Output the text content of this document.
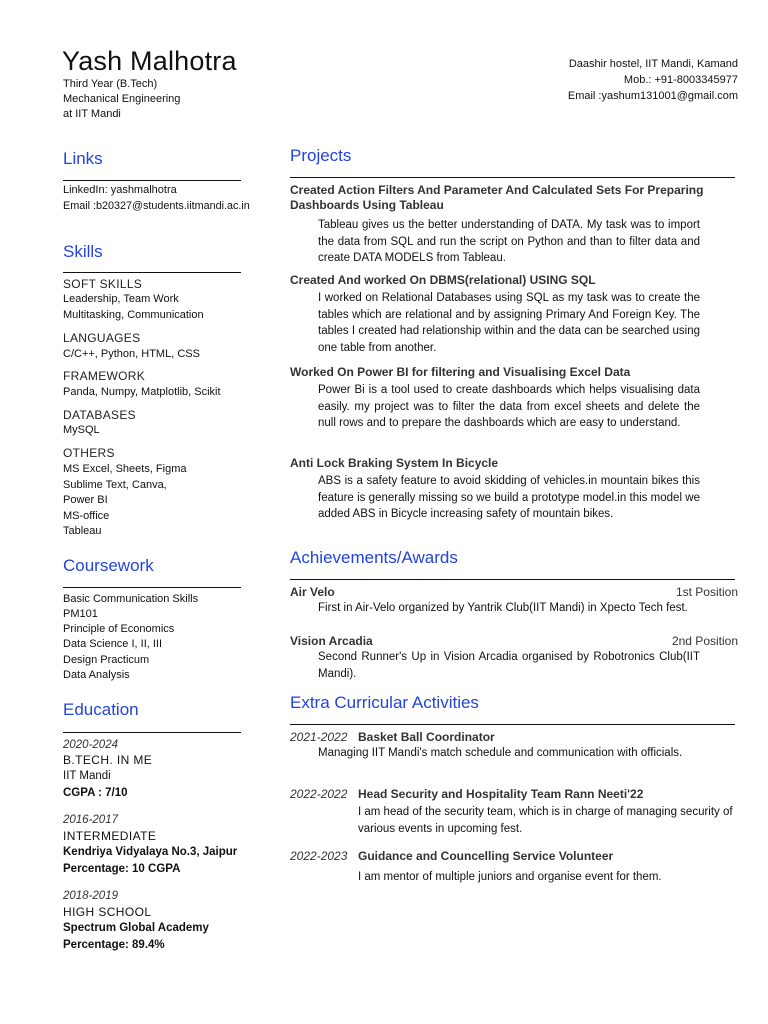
Yash Malhotra
Third Year (B.Tech)
Mechanical Engineering
at IIT Mandi
Daashir hostel, IIT Mandi, Kamand
Mob.: +91-8003345977
Email :yashum131001@gmail.com
Links
LinkedIn: yashmalhotra
Email :b20327@students.iitmandi.ac.in
Skills
SOFT SKILLS
Leadership, Team Work
Multitasking, Communication
LANGUAGES
C/C++, Python, HTML, CSS
FRAMEWORK
Panda, Numpy, Matplotlib, Scikit
DATABASES
MySQL
OTHERS
MS Excel, Sheets, Figma
Sublime Text, Canva,
Power BI
MS-office
Tableau
Coursework
Basic Communication Skills
PM101
Principle of Economics
Data Science I, II, III
Design Practicum
Data Analysis
Education
2020-2024
B.TECH. IN ME
IIT Mandi
CGPA : 7/10
2016-2017
INTERMEDIATE
Kendriya Vidyalaya No.3, Jaipur
Percentage: 10 CGPA
2018-2019
HIGH SCHOOL
Spectrum Global Academy
Percentage: 89.4%
Projects
Created Action Filters And Parameter And Calculated Sets For Preparing Dashboards Using Tableau
Tableau gives us the better understanding of DATA. My task was to import the data from SQL and run the script on Python and than to filter data and create DATA MODELS from Tableau.
Created And worked On DBMS(relational) USING SQL
I worked on Relational Databases using SQL as my task was to create the tables which are relational and by assigning Primary And Foreign Key. The tables I created had relationship within and the data can be searched using one table from another.
Worked On Power BI for filtering and Visualising Excel Data
Power Bi is a tool used to create dashboards which helps visualising data easily. my project was to filter the data from excel sheets and delete the null rows and to prepare the dashboards which are easy to understand.
Anti Lock Braking System In Bicycle
ABS is a safety feature to avoid skidding of vehicles.in mountain bikes this feature is generally missing so we build a prototype model.in this model we added ABS in Bicycle increasing safety of mountain bikes.
Achievements/Awards
Air Velo	1st Position
First in Air-Velo organized by Yantrik Club(IIT Mandi) in Xpecto Tech fest.
Vision Arcadia	2nd Position
Second Runner's Up in Vision Arcadia organised by Robotronics Club(IIT Mandi).
Extra Curricular Activities
2021-2022 Basket Ball Coordinator
Managing IIT Mandi's match schedule and communication with officials.
2022-2022 Head Security and Hospitality Team Rann Neeti'22
I am head of the security team, which is in charge of managing security of various events in upcoming fest.
2022-2023 Guidance and Councelling Service Volunteer
I am mentor of multiple juniors and organise event for them.
